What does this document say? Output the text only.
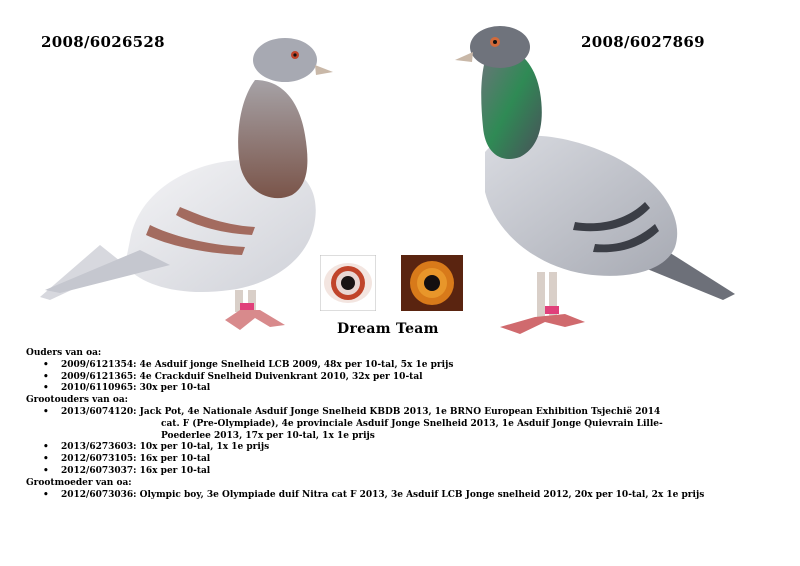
2008/6026528	2008/6027869
Dream Team
Ouders van oa:
• 2009/6121354: 4e Asduif jonge Snelheid LCB 2009, 48x per 10-tal, 5x 1e prijs
• 2009/6121365: 4e Crackduif Snelheid Duivenkrant 2010, 32x per 10-tal
• 2010/6110965: 30x per 10-tal
Grootouders van oa:
• 2013/6074120: Jack Pot, 4e Nationale Asduif Jonge Snelheid KBDB 2013, 1e BRNO European Exhibition Tsjechië 2014
cat. F (Pre-Olympiade), 4e provinciale Asduif Jonge Snelheid 2013, 1e Asduif Jonge Quievrain Lille-
Poederlee 2013, 17x per 10-tal, 1x 1e prijs
• 2013/6273603: 10x per 10-tal, 1x 1e prijs
• 2012/6073105: 16x per 10-tal
• 2012/6073037: 16x per 10-tal
Grootmoeder van oa:
• 2012/6073036: Olympic boy, 3e Olympiade duif Nitra cat F 2013, 3e Asduif LCB Jonge snelheid 2012, 20x per 10-tal, 2x 1e prijs
